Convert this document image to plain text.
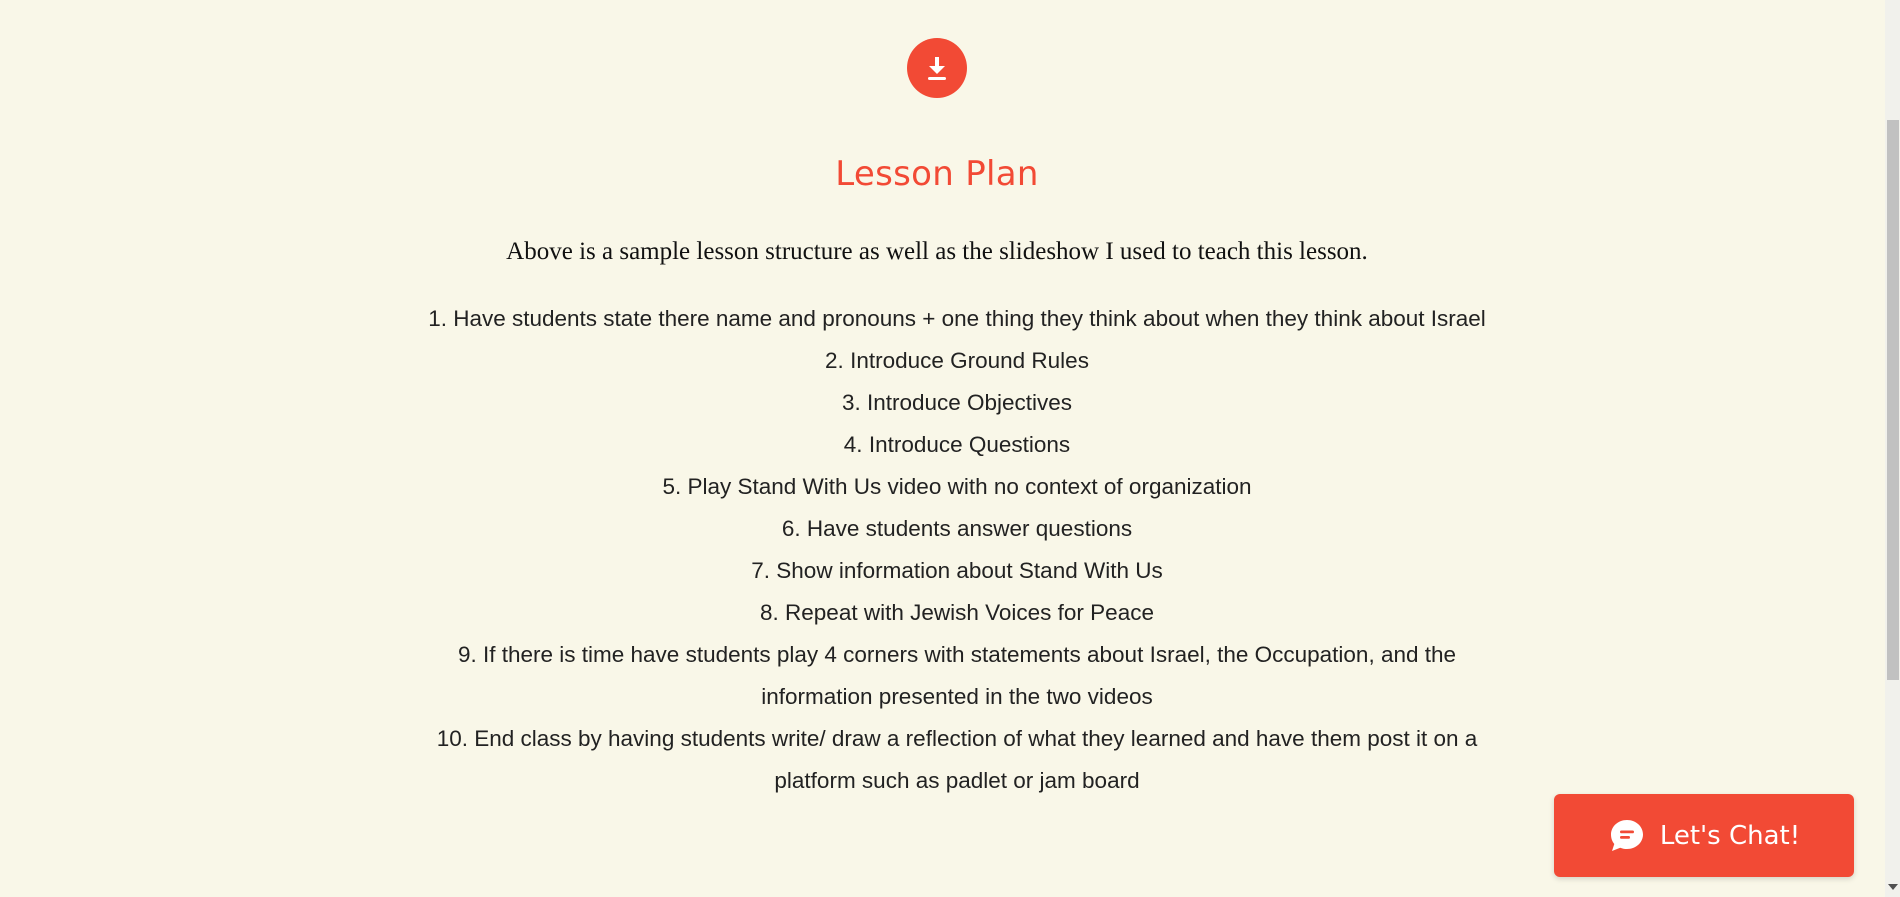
Lesson Plan

Above is a sample lesson structure as well as the slideshow I used to teach this lesson.

1. Have students state there name and pronouns + one thing they think about when they think about Israel
2. Introduce Ground Rules
3. Introduce Objectives
4. Introduce Questions
5. Play Stand With Us video with no context of organization
6. Have students answer questions
7. Show information about Stand With Us
8. Repeat with Jewish Voices for Peace
9. If there is time have students play 4 corners with statements about Israel, the Occupation, and the information presented in the two videos
10. End class by having students write/ draw a reflection of what they learned and have them post it on a platform such as padlet or jam board
Let's Chat!
